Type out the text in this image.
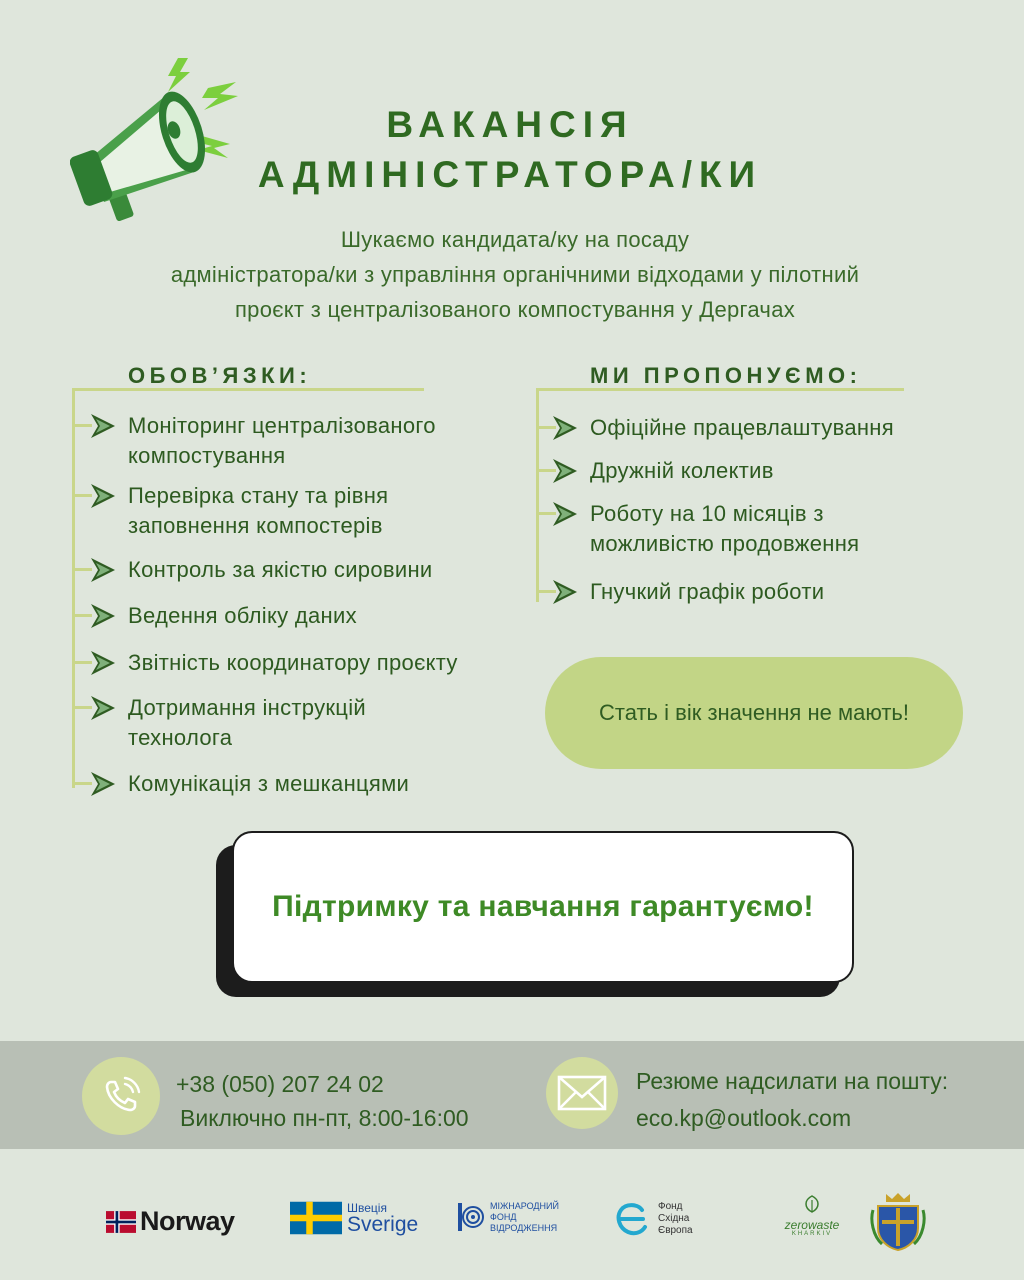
ВАКАНСІЯ
АДМІНІСТРАТОРА/КИ
Шукаємо кандидата/ку на посаду
адміністратора/ки з управління органічними відходами у пілотний
проєкт з централізованого компостування у Дергачах
ОБОВ’ЯЗКИ:
Моніторинг централізованого
компостування
Перевірка стану та рівня
заповнення компостерів
Контроль за якістю сировини
Ведення обліку даних
Звітність координатору проєкту
Дотримання інструкцій
технолога
Комунікація з мешканцями
МИ ПРОПОНУЄМО:
Офіційне працевлаштування
Дружній колектив
Роботу на 10 місяців з
можливістю продовження
Гнучкий графік роботи
Стать і вік значення не мають!
Підтримку та навчання гарантуємо!
+38 (050) 207 24 02
Виключно пн-пт, 8:00-16:00
Резюме надсилати на пошту:
eco.kp@outlook.com
Norway	Швеція
Sverige
МІЖНАРОДНИЙ
ФОНД
ВІДРОДЖЕННЯ
Фонд
Східна
Європа	zerowaste
KHARKIV
